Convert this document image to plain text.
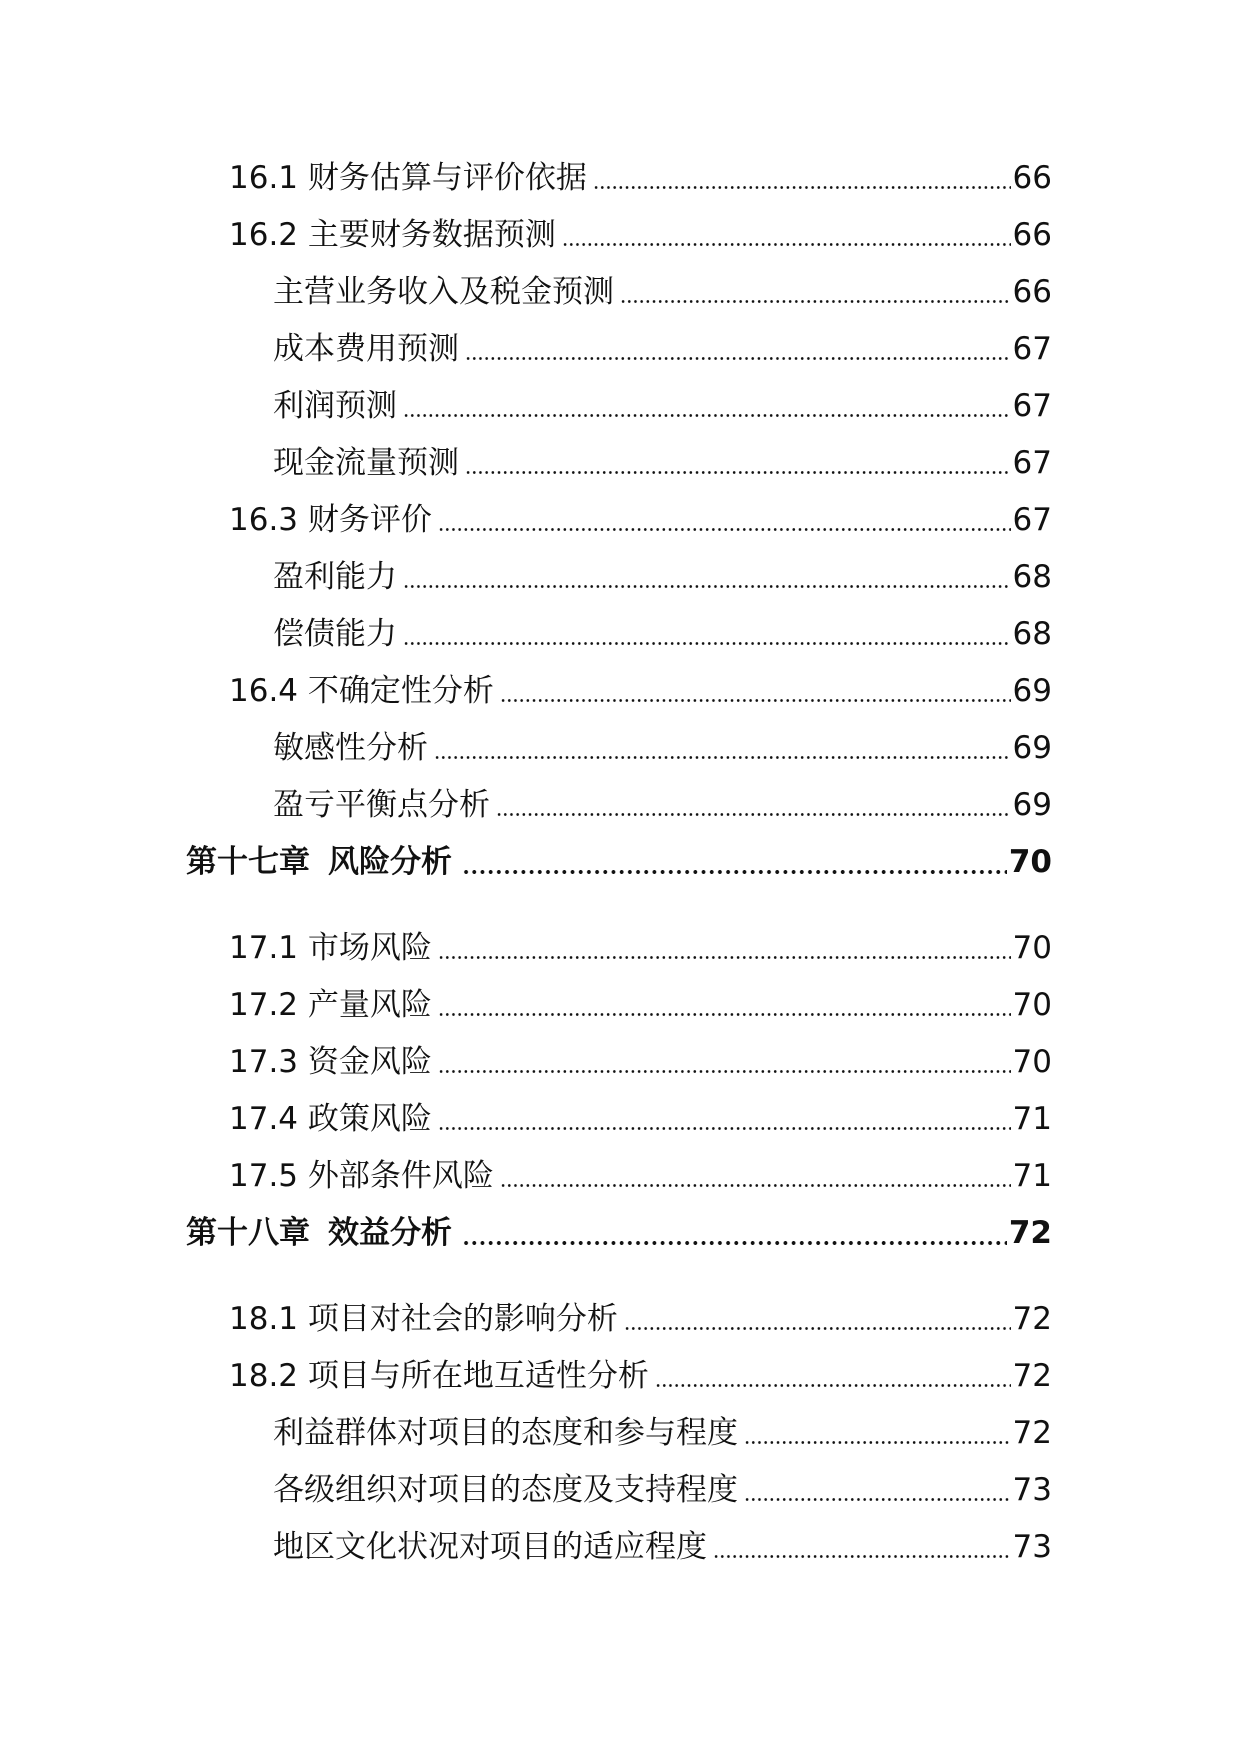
16.1 财务估算与评价依据	66
16.2 主要财务数据预测	66
主营业务收入及税金预测	66
成本费用预测	67
利润预测	67
现金流量预测	67
16.3 财务评价	67
盈利能力	68
偿债能力	68
16.4 不确定性分析	69
敏感性分析	69
盈亏平衡点分析	69
第十七章 风险分析	70
17.1 市场风险	70
17.2 产量风险	70
17.3 资金风险	70
17.4 政策风险	71
17.5 外部条件风险	71
第十八章 效益分析	72
18.1 项目对社会的影响分析	72
18.2 项目与所在地互适性分析	72
利益群体对项目的态度和参与程度	72
各级组织对项目的态度及支持程度	73
地区文化状况对项目的适应程度	73
